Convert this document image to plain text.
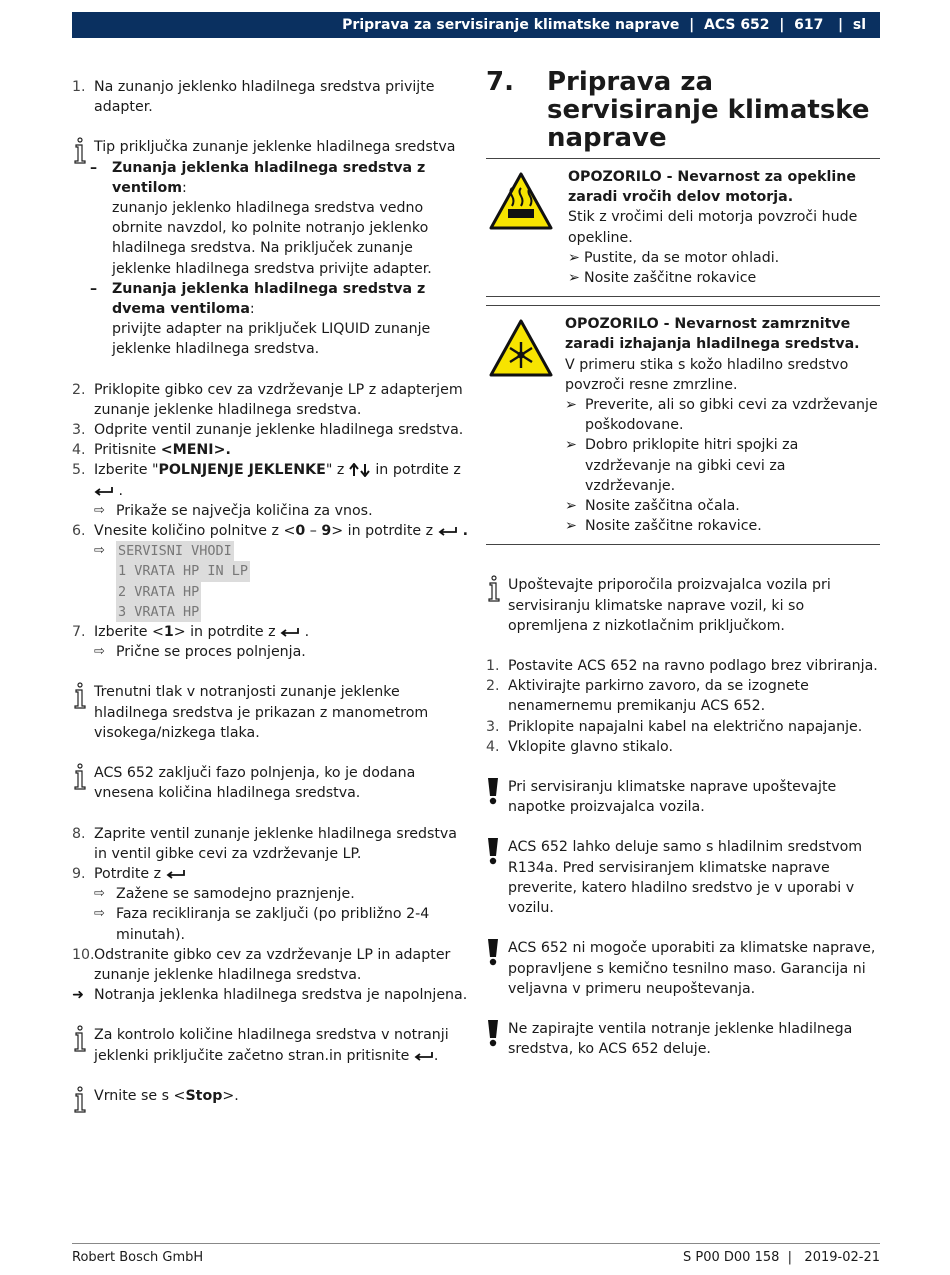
Priprava za servisiranje klimatske naprave  |  ACS 652  |  617   |  sl
1. Na zunanjo jeklenko hladilnega sredstva privijte adapter.
Tip priključka zunanje jeklenke hladilnega sredstva
– Zunanja jeklenka hladilnega sredstva z ventilom:
zunanjo jeklenko hladilnega sredstva vedno obrnite navzdol, ko polnite notranjo jeklenko hladilnega sredstva. Na priključek zunanje jeklenke hladilnega sredstva privijte adapter.
– Zunanja jeklenka hladilnega sredstva z dvema ventiloma:
privijte adapter na priključek LIQUID zunanje jeklenke hladilnega sredstva.
2. Priklopite gibko cev za vzdrževanje LP z adapterjem zunanje jeklenke hladilnega sredstva.
3. Odprite ventil zunanje jeklenke hladilnega sredstva.
4. Pritisnite <MENI>.
5. Izberite "POLNJENJE JEKLENKE" z  in potrdite z  .
⇨ Prikaže se največja količina za vnos.
6. Vnesite količino polnitve z <0 – 9> in potrdite z  .
⇨ SERVISNI VHODI
1 VRATA HP IN LP
2 VRATA HP
3 VRATA HP
7. Izberite <1> in potrdite z  .
⇨ Prične se proces polnjenja.
Trenutni tlak v notranjosti zunanje jeklenke hladilnega sredstva je prikazan z manometrom visokega/nizkega tlaka.
ACS 652 zaključi fazo polnjenja, ko je dodana vnesena količina hladilnega sredstva.
8. Zaprite ventil zunanje jeklenke hladilnega sredstva in ventil gibke cevi za vzdrževanje LP.
9. Potrdite z
⇨ Zažene se samodejno praznjenje.
⇨ Faza recikliranja se zaključi (po približno 2-4 minutah).
10. Odstranite gibko cev za vzdrževanje LP in adapter zunanje jeklenke hladilnega sredstva.
➜ Notranja jeklenka hladilnega sredstva je napolnjena.
Za kontrolo količine hladilnega sredstva v notranji jeklenki priključite začetno stran.in pritisnite .
Vrnite se s <Stop>.
7. Priprava za servisiranje klimatske naprave
OPOZORILO - Nevarnost za opekline zaradi vročih delov motorja.
Stik z vročimi deli motorja povzroči hude opekline.
➢ Pustite, da se motor ohladi.
➢ Nosite zaščitne rokavice
OPOZORILO - Nevarnost zamrznitve zaradi izhajanja hladilnega sredstva.
V primeru stika s kožo hladilno sredstvo povzroči resne zmrzline.
➢ Preverite, ali so gibki cevi za vzdrževanje poškodovane.
➢ Dobro priklopite hitri spojki za vzdrževanje na gibki cevi za vzdrževanje.
➢ Nosite zaščitna očala.
➢ Nosite zaščitne rokavice.
Upoštevajte priporočila proizvajalca vozila pri servisiranju klimatske naprave vozil, ki so opremljena z nizkotlačnim priključkom.
1. Postavite ACS 652 na ravno podlago brez vibriranja.
2. Aktivirajte parkirno zavoro, da se izognete nenamernemu premikanju ACS 652.
3. Priklopite napajalni kabel na električno napajanje.
4. Vklopite glavno stikalo.
Pri servisiranju klimatske naprave upoštevajte napotke proizvajalca vozila.
ACS 652 lahko deluje samo s hladilnim sredstvom R134a. Pred servisiranjem klimatske naprave preverite, katero hladilno sredstvo je v uporabi v vozilu.
ACS 652 ni mogoče uporabiti za klimatske naprave, popravljene s kemično tesnilno maso. Garancija ni veljavna v primeru neupoštevanja.
Ne zapirajte ventila notranje jeklenke hladilnega sredstva, ko ACS 652 deluje.
Robert Bosch GmbH	S P00 D00 158  |   2019-02-21
